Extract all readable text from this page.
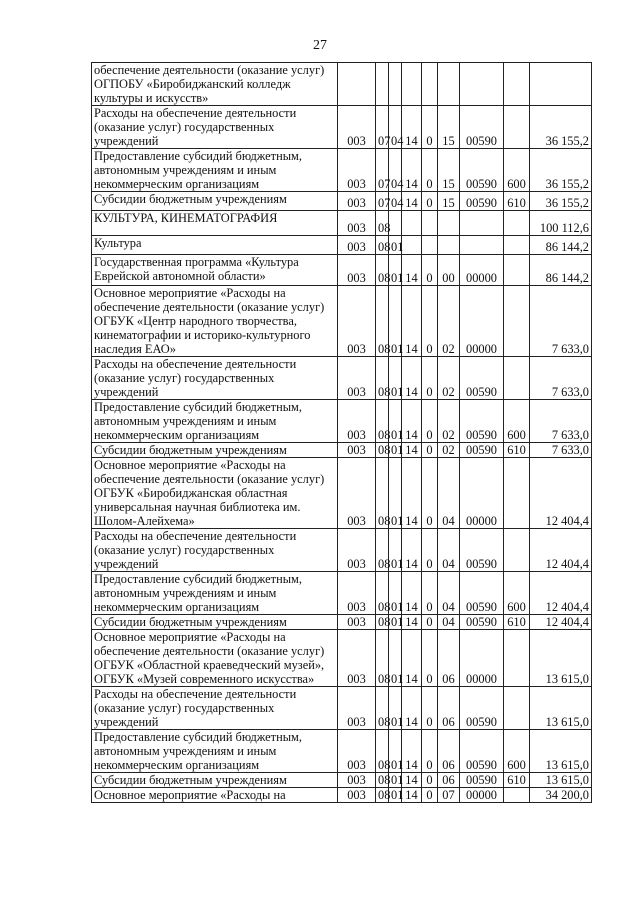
27
обеспечение деятельности (оказание услуг) ОГПОБУ «Биробиджанский колледж культуры и искусств»									
Расходы на обеспечение деятельности (оказание услуг) государственных учреждений	003	07	04	14	0	15	00590		36 155,2
Предоставление субсидий бюджетным, автономным учреждениям и иным некоммерческим организациям	003	07	04	14	0	15	00590	600	36 155,2
Субсидии бюджетным учреждениям	003	07	04	14	0	15	00590	610	36 155,2
КУЛЬТУРА, КИНЕМАТОГРАФИЯ	003	08							100 112,6
Культура	003	08	01						86 144,2
Государственная программа «Культура Еврейской автономной области»	003	08	01	14	0	00	00000		86 144,2
Основное мероприятие «Расходы на обеспечение деятельности (оказание услуг) ОГБУК «Центр народного творчества, кинематографии и историко-культурного наследия ЕАО»	003	08	01	14	0	02	00000		7 633,0
Расходы на обеспечение деятельности (оказание услуг) государственных учреждений	003	08	01	14	0	02	00590		7 633,0
Предоставление субсидий бюджетным, автономным учреждениям и иным некоммерческим организациям	003	08	01	14	0	02	00590	600	7 633,0
Субсидии бюджетным учреждениям	003	08	01	14	0	02	00590	610	7 633,0
Основное мероприятие «Расходы на обеспечение деятельности (оказание услуг) ОГБУК «Биробиджанская областная универсальная научная библиотека им. Шолом-Алейхема»	003	08	01	14	0	04	00000		12 404,4
Расходы на обеспечение деятельности (оказание услуг) государственных учреждений	003	08	01	14	0	04	00590		12 404,4
Предоставление субсидий бюджетным, автономным учреждениям и иным некоммерческим организациям	003	08	01	14	0	04	00590	600	12 404,4
Субсидии бюджетным учреждениям	003	08	01	14	0	04	00590	610	12 404,4
Основное мероприятие «Расходы на обеспечение деятельности (оказание услуг) ОГБУК «Областной краеведческий музей», ОГБУК «Музей современного искусства»	003	08	01	14	0	06	00000		13 615,0
Расходы на обеспечение деятельности (оказание услуг) государственных учреждений	003	08	01	14	0	06	00590		13 615,0
Предоставление субсидий бюджетным, автономным учреждениям и иным некоммерческим организациям	003	08	01	14	0	06	00590	600	13 615,0
Субсидии бюджетным учреждениям	003	08	01	14	0	06	00590	610	13 615,0
Основное мероприятие «Расходы на	003	08	01	14	0	07	00000		34 200,0
